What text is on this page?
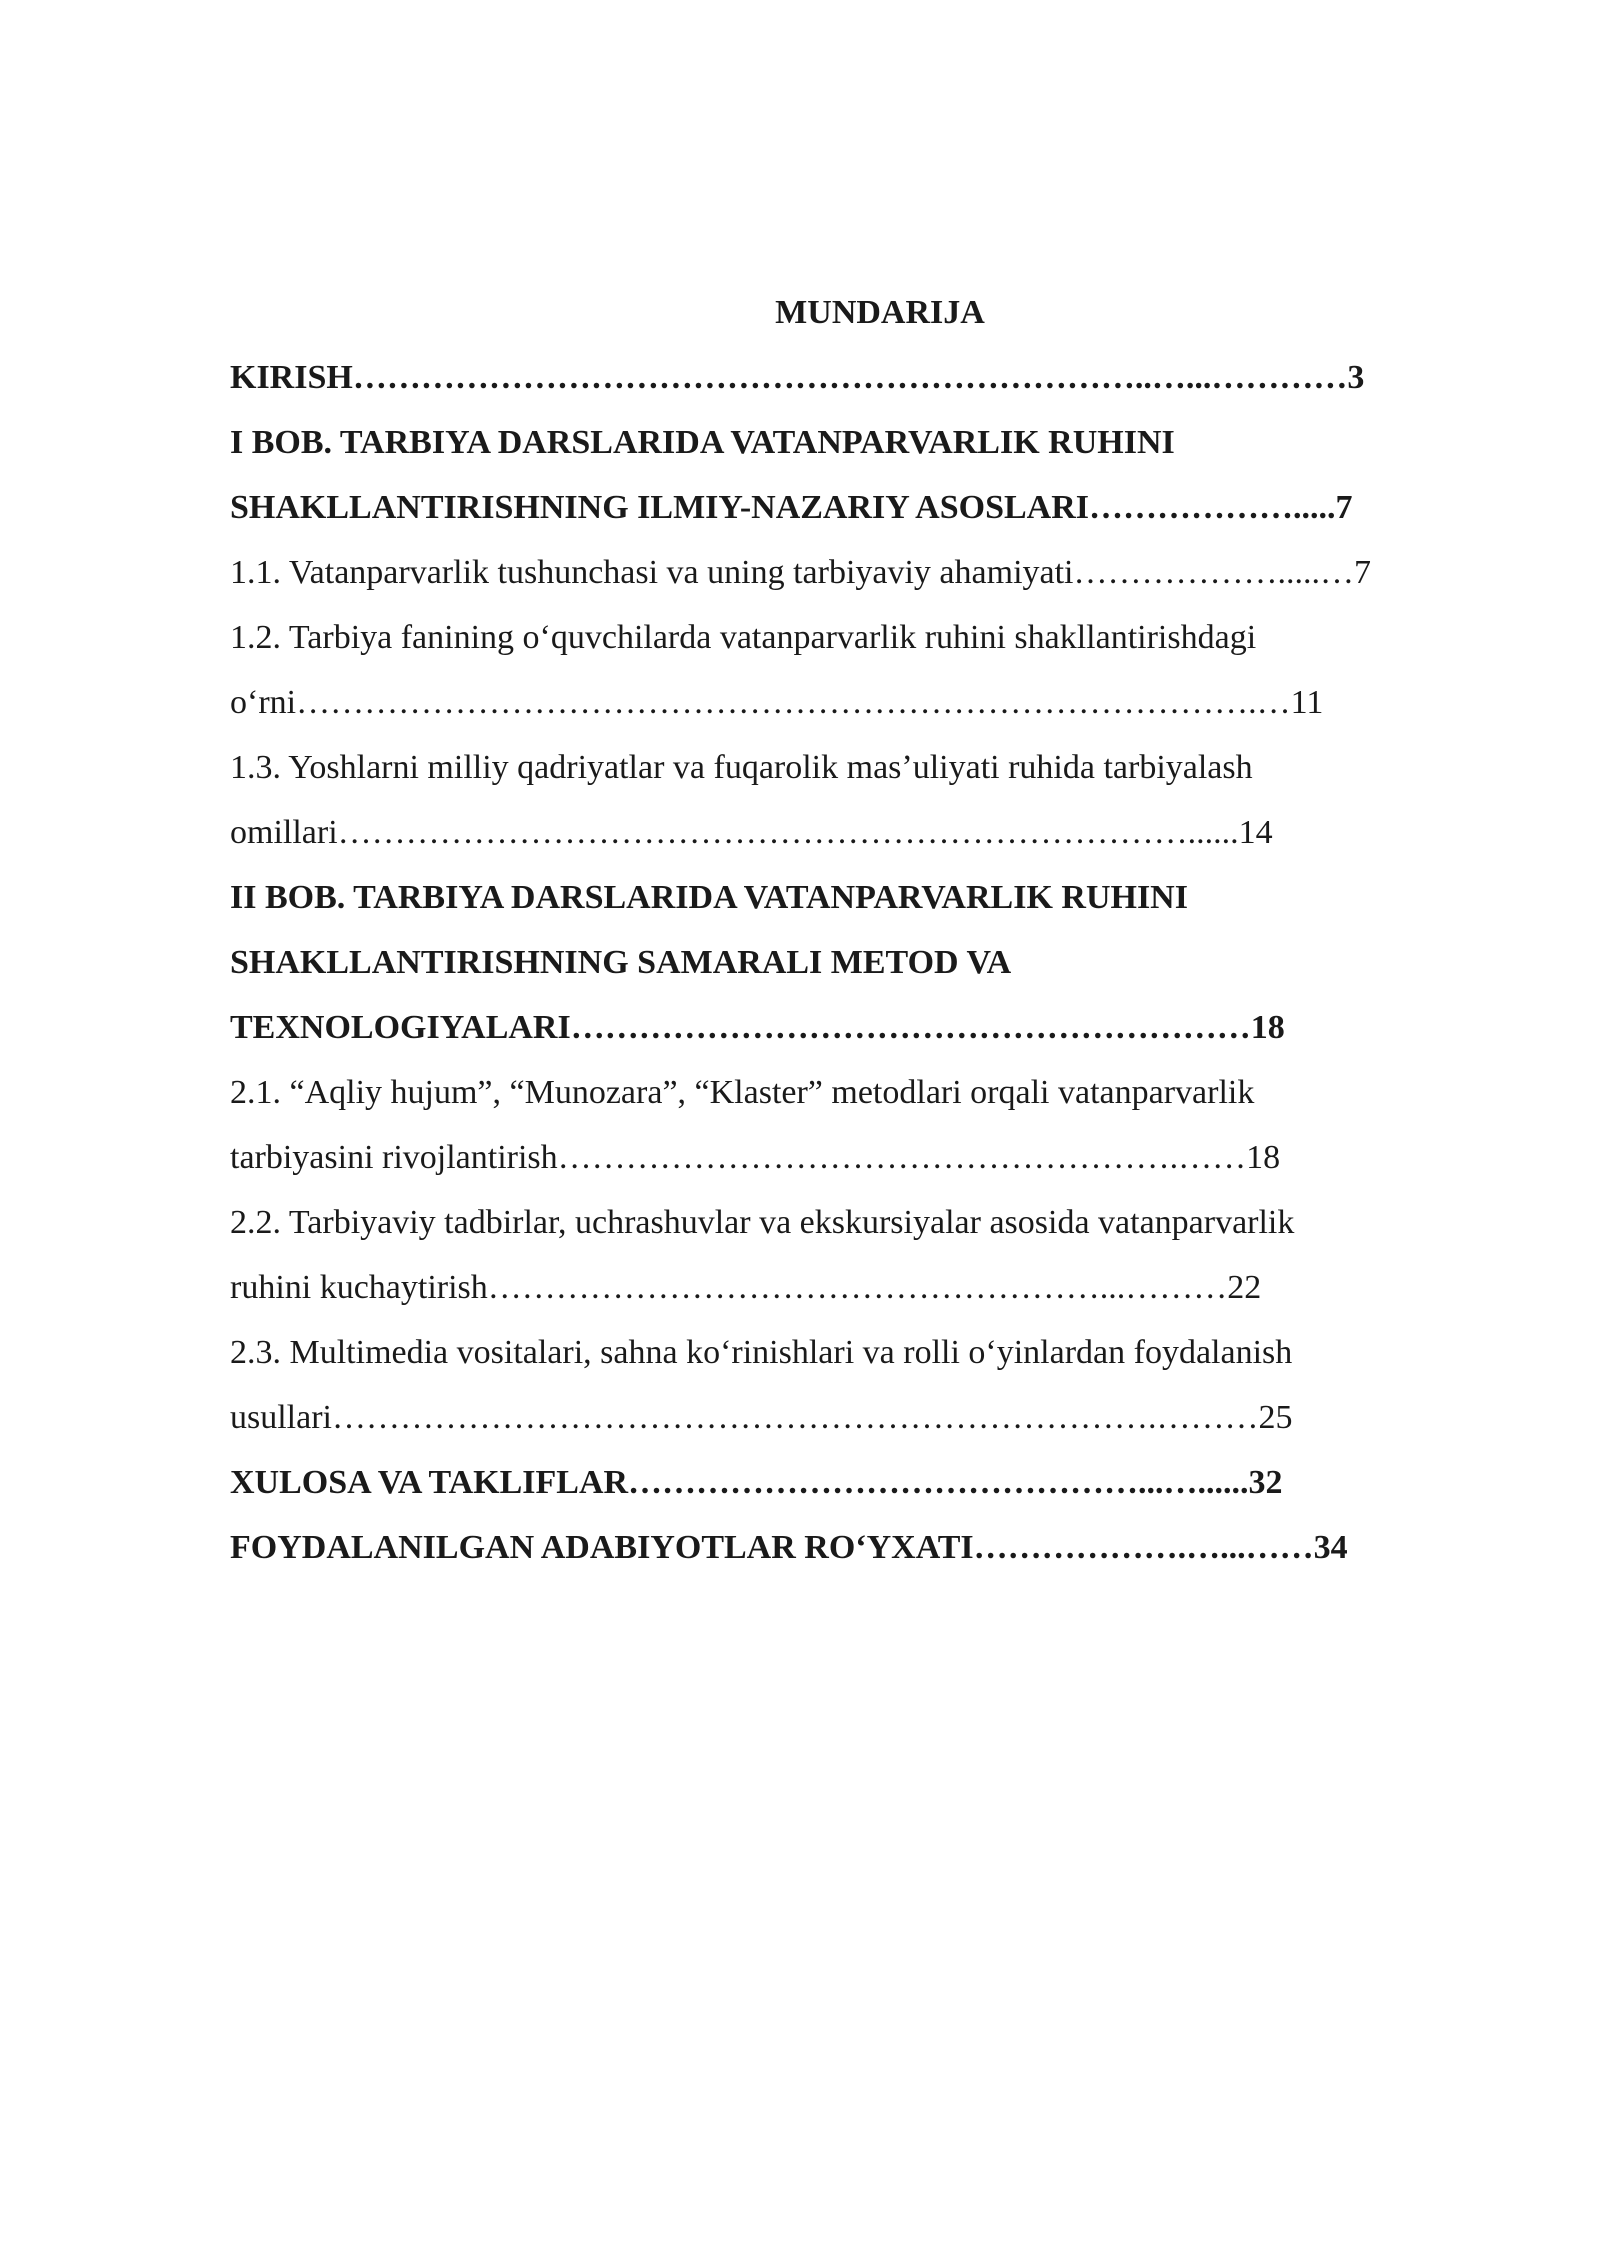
MUNDARIJA
KIRISH……………………………………………………………..…...…………3
I BOB. TARBIYA DARSLARIDA VATANPARVARLIK RUHINI
SHAKLLANTIRISHNING ILMIY-NAZARIY ASOSLARI……………….....7
1.1. Vatanparvarlik tushunchasi va uning tarbiyaviy ahamiyati……………….....…7
1.2. Tarbiya fanining oʻquvchilarda vatanparvarlik ruhini shakllantirishdagi
oʻrni………………………………………………………………………….…11
1.3. Yoshlarni milliy qadriyatlar va fuqarolik masʼuliyati ruhida tarbiyalash
omillari…………………………………………………………………......14
II BOB. TARBIYA DARSLARIDA VATANPARVARLIK RUHINI
SHAKLLANTIRISHNING SAMARALI METOD VA
TEXNOLOGIYALARI……………………………………………………18
2.1. “Aqliy hujum”, “Munozara”, “Klaster” metodlari orqali vatanparvarlik
tarbiyasini rivojlantirish……………………………………………….……18
2.2. Tarbiyaviy tadbirlar, uchrashuvlar va ekskursiyalar asosida vatanparvarlik
ruhini kuchaytirish………………………………………………...………22
2.3. Multimedia vositalari, sahna koʻrinishlari va rolli oʻyinlardan foydalanish
usullari……………………………………………………………….………25
XULOSA VA TAKLIFLAR………………………………………...…......32
FOYDALANILGAN ADABIYOTLAR ROʻYXATI……………….…...……34
